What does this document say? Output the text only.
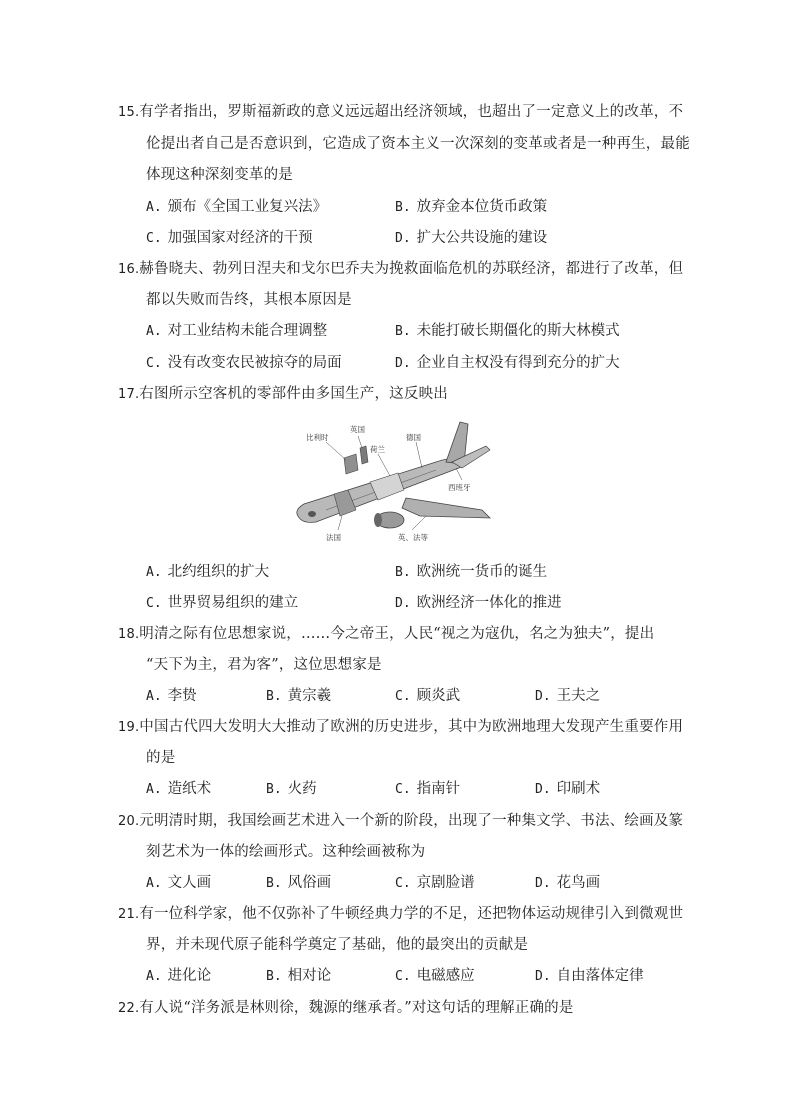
15.有学者指出，罗斯福新政的意义远远超出经济领域，也超出了一定意义上的改革，不
伦提出者自己是否意识到，它造成了资本主义一次深刻的变革或者是一种再生，最能
体现这种深刻变革的是
A. 颁布《全国工业复兴法》	B. 放弃金本位货币政策
C. 加强国家对经济的干预	D. 扩大公共设施的建设
16.赫鲁晓夫、勃列日涅夫和戈尔巴乔夫为挽救面临危机的苏联经济，都进行了改革，但
都以失败而告终，其根本原因是
A. 对工业结构未能合理调整	B. 未能打破长期僵化的斯大林模式
C. 没有改变农民被掠夺的局面	D. 企业自主权没有得到充分的扩大
17.右图所示空客机的零部件由多国生产，这反映出
比利时
英国
荷兰
德国
西班牙
法国	英、法等
A. 北约组织的扩大	B. 欧洲统一货币的诞生
C. 世界贸易组织的建立	D. 欧洲经济一体化的推进
18.明清之际有位思想家说，……今之帝王，人民“视之为寇仇，名之为独夫”，提出
“天下为主，君为客”，这位思想家是
A. 李贽	B. 黄宗羲	C. 顾炎武	D. 王夫之
19.中国古代四大发明大大推动了欧洲的历史进步，其中为欧洲地理大发现产生重要作用
的是
A. 造纸术	B. 火药	C. 指南针	D. 印刷术
20.元明清时期，我国绘画艺术进入一个新的阶段，出现了一种集文学、书法、绘画及篆
刻艺术为一体的绘画形式。这种绘画被称为
A. 文人画	B. 风俗画	C. 京剧脸谱	D. 花鸟画
21.有一位科学家，他不仅弥补了牛顿经典力学的不足，还把物体运动规律引入到微观世
界，并未现代原子能科学奠定了基础，他的最突出的贡献是
A. 进化论	B. 相对论	C. 电磁感应	D. 自由落体定律
22.有人说“洋务派是林则徐，魏源的继承者。”对这句话的理解正确的是
